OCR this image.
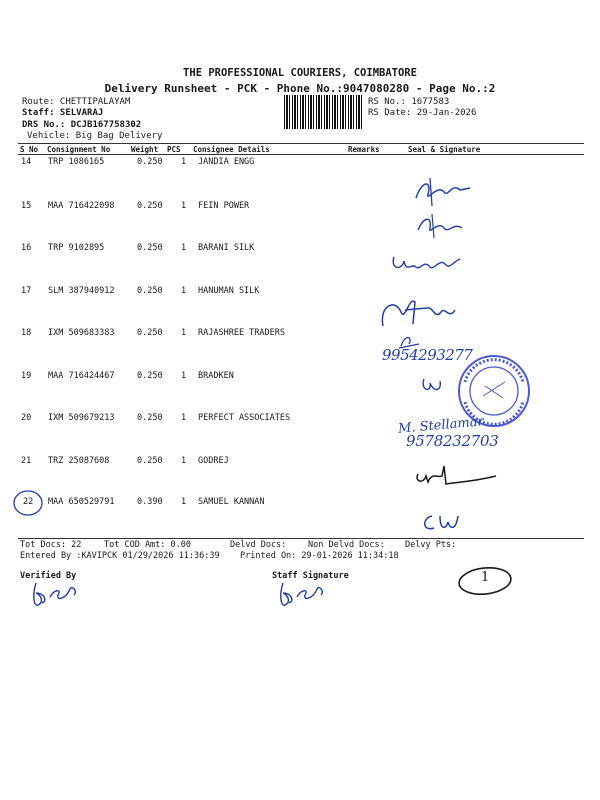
THE PROFESSIONAL COURIERS, COIMBATORE
Delivery Runsheet - PCK - Phone No.:9047080280 - Page No.:2
Route: CHETTIPALAYAM
Staff: SELVARAJ
DRS No.: DCJB167758302
Vehicle: Big Bag Delivery
RS No.: 1677583
RS Date: 29-Jan-2026
S No Consignment No	Weight PCS Consignee Details	Remarks	Seal & Signature
14 TRP 1086165	0.250 1 JANDIA ENGG
15 MAA 716422098	0.250 1 FEIN POWER
16 TRP 9102895	0.250 1 BARANI SILK
17 SLM 387940912	0.250 1 HANUMAN SILK
18 IXM 509683383	0.250 1 RAJASHREE TRADERS
19 MAA 716424467	0.250 1 BRADKEN
20 IXM 509679213	0.250 1 PERFECT ASSOCIATES
21 TRZ 25087608	0.250 1 GODREJ
22 MAA 650529791	0.390 1 SAMUEL KANNAN
9954293277
M. Stellamar
9578232703
Tot Docs: 22	Tot COD Amt: 0.00	Delvd Docs:	Non Delvd Docs: Delvy Pts:
Entered By :KAVIPCK 01/29/2026 11:36:39 Printed On: 29-01-2026 11:34:18
Verified By	Staff Signature	1
